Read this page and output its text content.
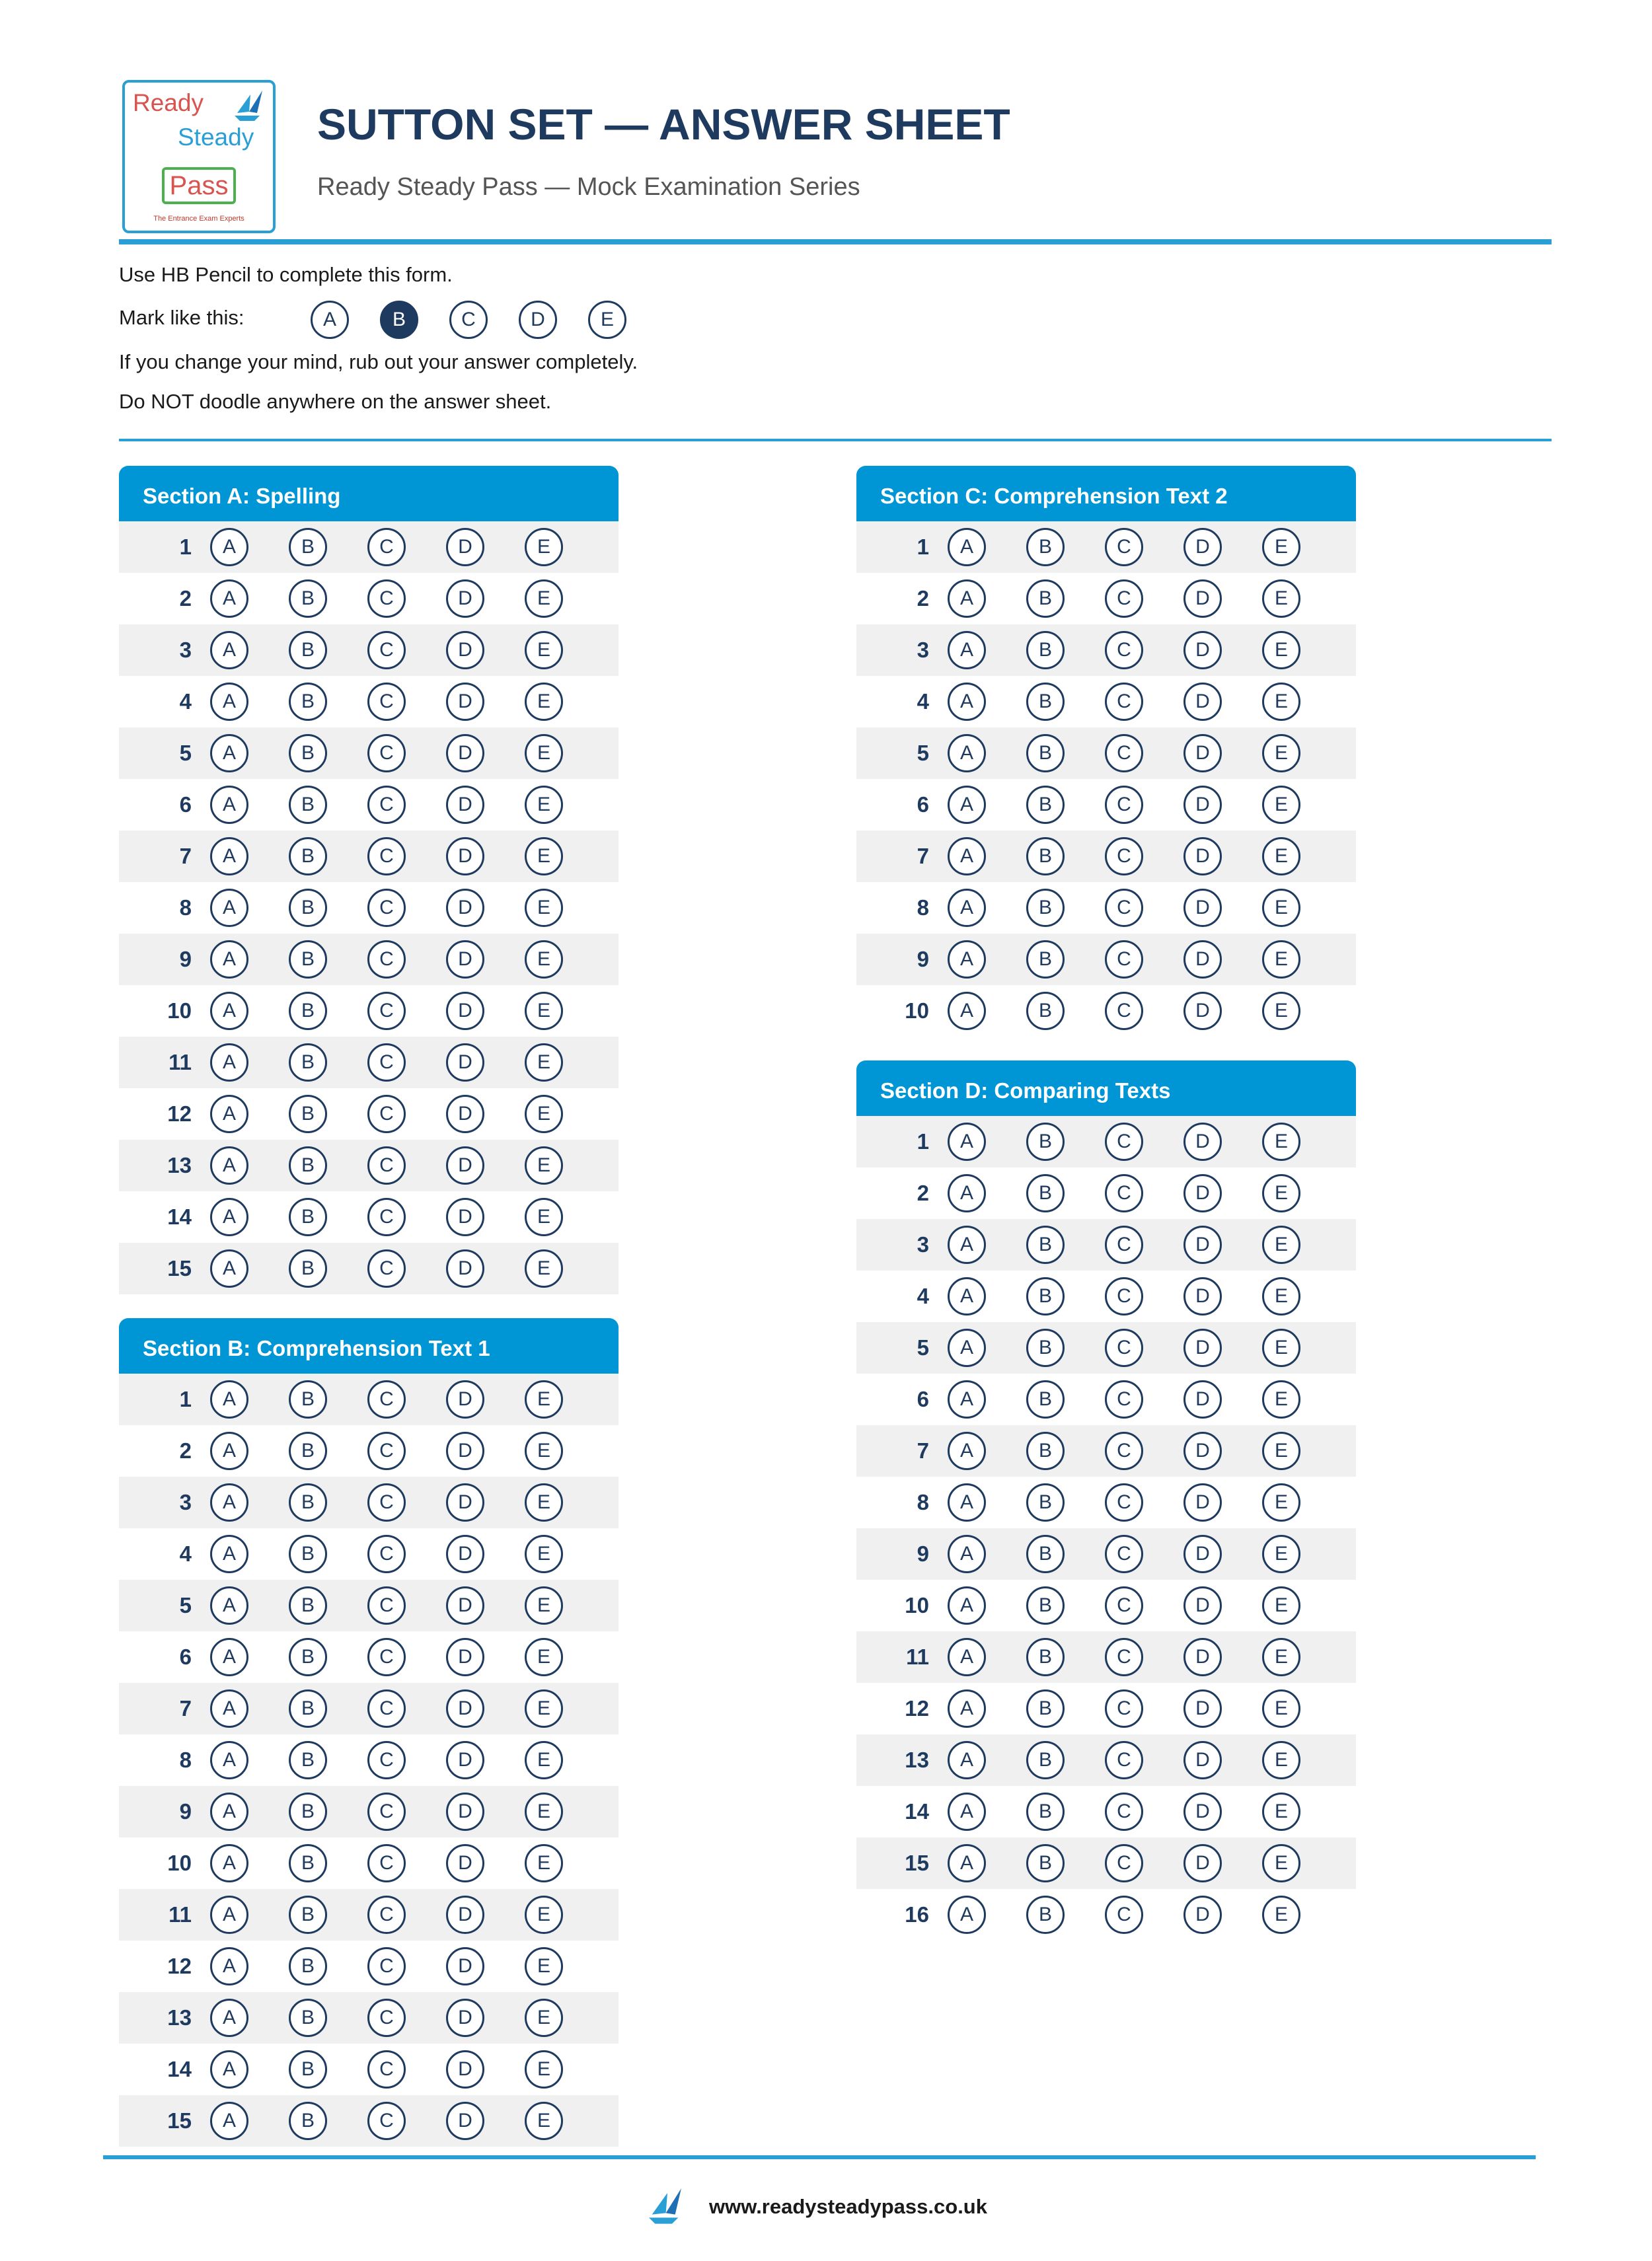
Ready
Steady
Pass
The Entrance Exam Experts
SUTTON SET — ANSWER SHEET
Ready Steady Pass — Mock Examination Series
Use HB Pencil to complete this form.
Mark like this:	A	B	C	D	E
If you change your mind, rub out your answer completely.
Do NOT doodle anywhere on the answer sheet.
Section A: Spelling
1	A	B	C	D	E
2	A	B	C	D	E
3	A	B	C	D	E
4	A	B	C	D	E
5	A	B	C	D	E
6	A	B	C	D	E
7	A	B	C	D	E
8	A	B	C	D	E
9	A	B	C	D	E
10	A	B	C	D	E
11	A	B	C	D	E
12	A	B	C	D	E
13	A	B	C	D	E
14	A	B	C	D	E
15	A	B	C	D	E
Section B: Comprehension Text 1
1	A	B	C	D	E
2	A	B	C	D	E
3	A	B	C	D	E
4	A	B	C	D	E
5	A	B	C	D	E
6	A	B	C	D	E
7	A	B	C	D	E
8	A	B	C	D	E
9	A	B	C	D	E
10	A	B	C	D	E
11	A	B	C	D	E
12	A	B	C	D	E
13	A	B	C	D	E
14	A	B	C	D	E
15	A	B	C	D	E
Section C: Comprehension Text 2
1	A	B	C	D	E
2	A	B	C	D	E
3	A	B	C	D	E
4	A	B	C	D	E
5	A	B	C	D	E
6	A	B	C	D	E
7	A	B	C	D	E
8	A	B	C	D	E
9	A	B	C	D	E
10	A	B	C	D	E
Section D: Comparing Texts
1	A	B	C	D	E
2	A	B	C	D	E
3	A	B	C	D	E
4	A	B	C	D	E
5	A	B	C	D	E
6	A	B	C	D	E
7	A	B	C	D	E
8	A	B	C	D	E
9	A	B	C	D	E
10	A	B	C	D	E
11	A	B	C	D	E
12	A	B	C	D	E
13	A	B	C	D	E
14	A	B	C	D	E
15	A	B	C	D	E
16	A	B	C	D	E
www.readysteadypass.co.uk
